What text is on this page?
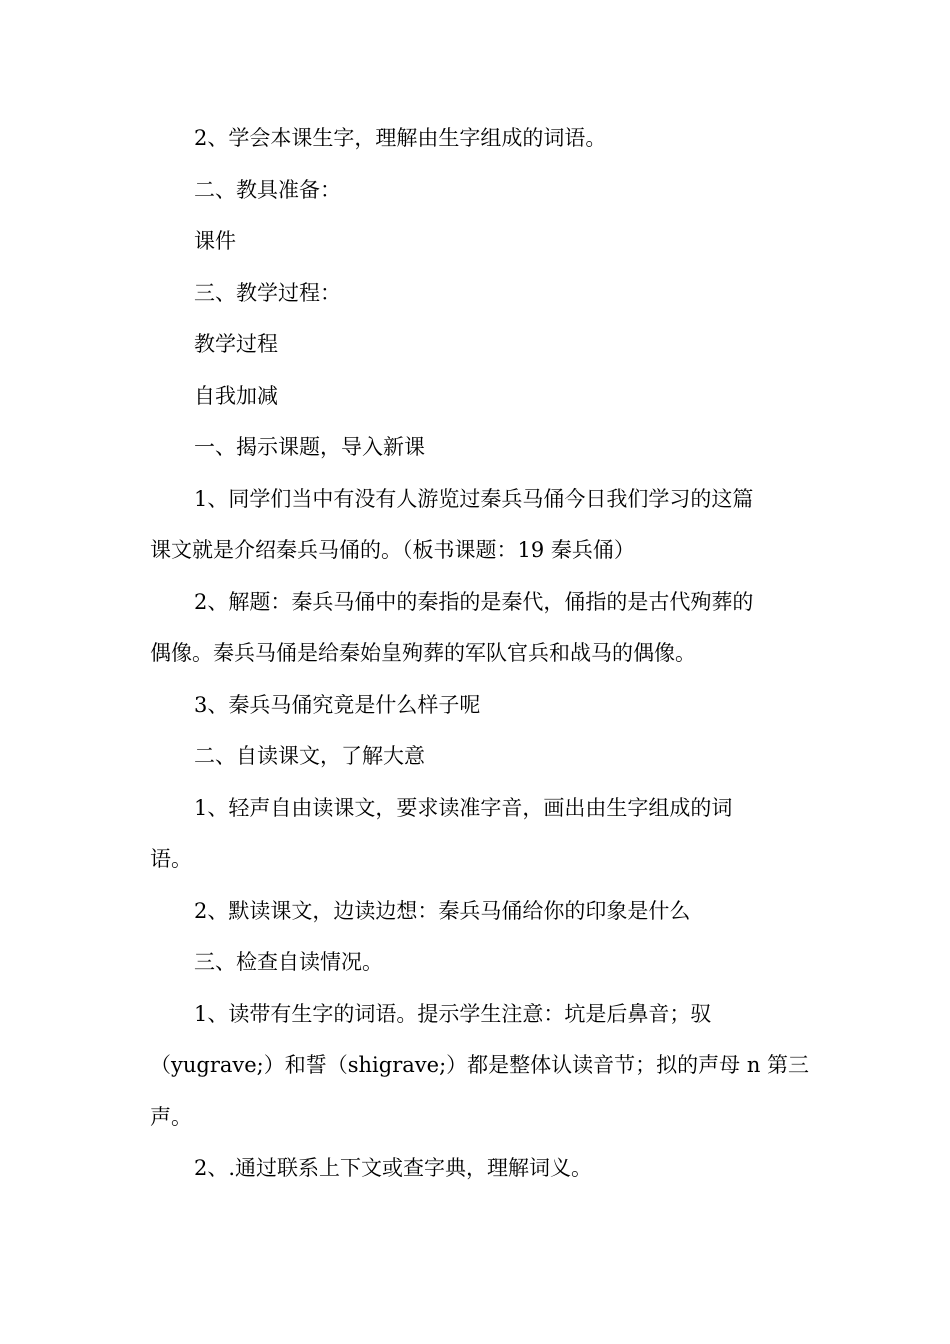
2、学会本课生字，理解由生字组成的词语。

二、教具准备：

课件

三、教学过程：

教学过程

自我加减

一、揭示课题，导入新课

1、同学们当中有没有人游览过秦兵马俑今日我们学习的这篇

课文就是介绍秦兵马俑的。（板书课题：19 秦兵俑）

2、解题：秦兵马俑中的秦指的是秦代，俑指的是古代殉葬的

偶像。秦兵马俑是给秦始皇殉葬的军队官兵和战马的偶像。

3、秦兵马俑究竟是什么样子呢

二、自读课文，了解大意

1、轻声自由读课文，要求读准字音，画出由生字组成的词

语。

2、默读课文，边读边想：秦兵马俑给你的印象是什么

三、检查自读情况。

1、读带有生字的词语。提示学生注意：坑是后鼻音；驭

（yugrave;）和誓（shigrave;）都是整体认读音节；拟的声母 n 第三

声。

2、.通过联系上下文或查字典，理解词义。
